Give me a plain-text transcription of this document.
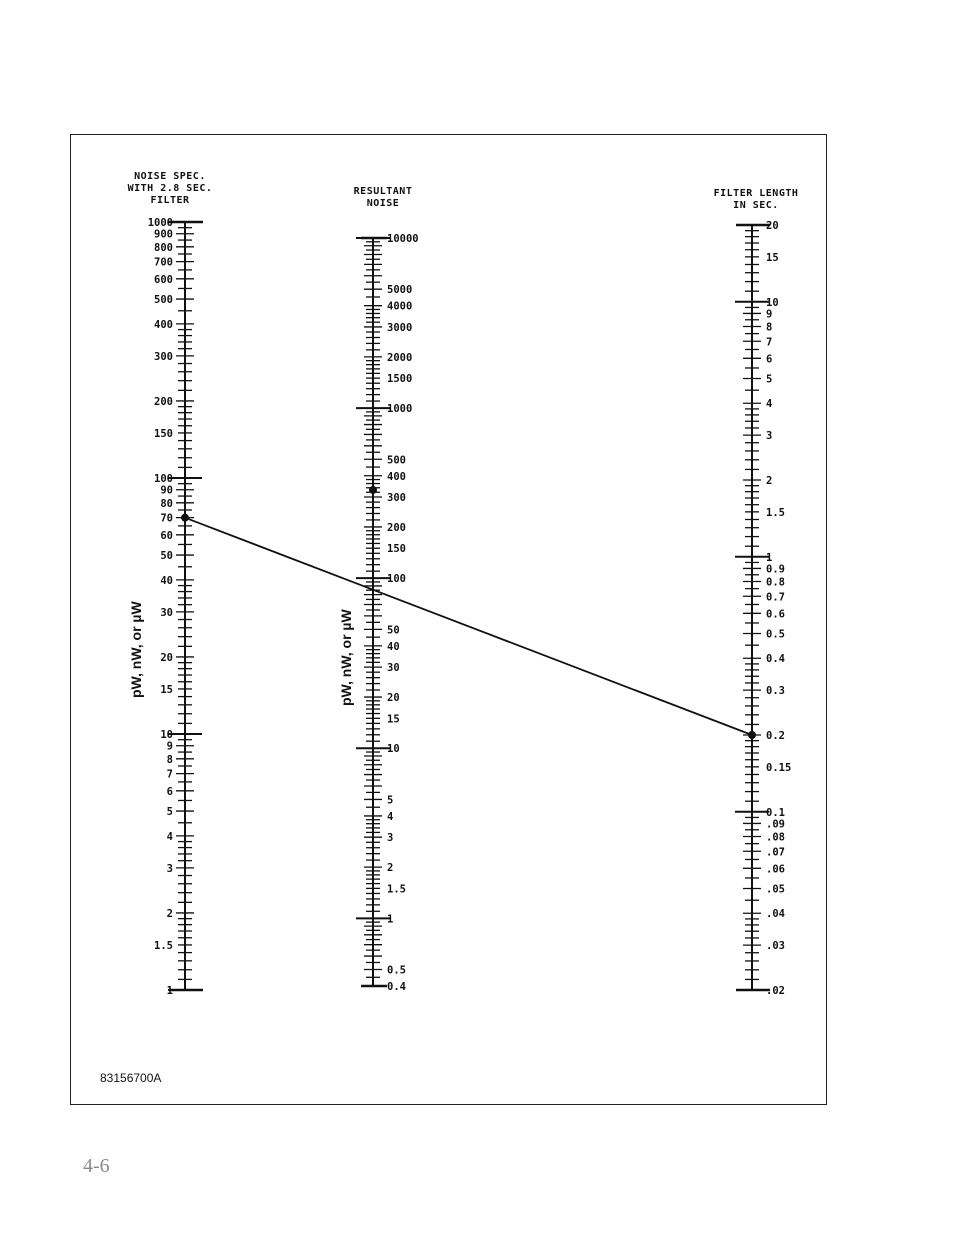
1000
900
800
700
600
500
400
300
200
150
100
90
80
70
60
50
40
30
20
15
10
9
8
7
6
5
4
3
2
1.5
1
10000
5000
4000
3000
2000
1500
1000
500
400
300
200
150
100
50
40
30
20
15
10
5
4
3
2
1.5
1
0.5
0.4	.02
.03
.04
.05
.06
.07
.08
.09
0.1
0.15
0.2
0.3
0.4
0.5
0.6
0.7
0.8
0.9
1
1.5
2
3
4
5
6
7
8
9
10
15
20
NOISE SPEC.
WITH 2.8 SEC.
FILTER
RESULTANT
NOISE
FILTER LENGTH
IN SEC.
pW, nW, or µW	pW, nW, or µW
83156700A
4-6
